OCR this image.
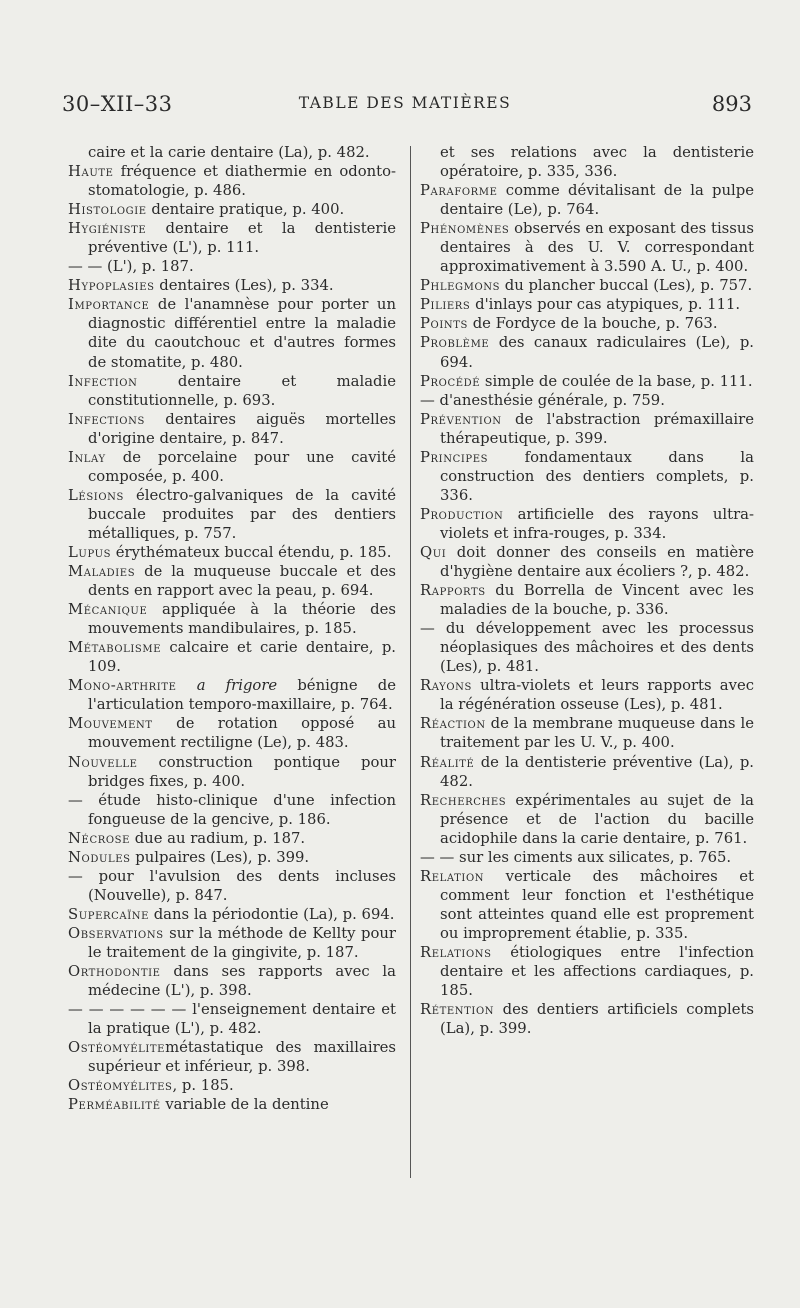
30–XII–33	TABLE DES MATIÈRES	893

caire et la carie dentaire (La), p. 482.

Haute fréquence et diathermie en odonto-stomatologie, p. 486.

Histologie dentaire pratique, p. 400.

Hygiéniste dentaire et la dentisterie préventive (L'), p. 111.

— — (L'), p. 187.

Hypoplasies dentaires (Les), p. 334.

Importance de l'anamnèse pour porter un diagnostic différentiel entre la maladie dite du caoutchouc et d'autres formes de stomatite, p. 480.

Infection dentaire et maladie constitutionnelle, p. 693.

Infections dentaires aiguës mortelles d'origine dentaire, p. 847.

Inlay de porcelaine pour une cavité composée, p. 400.

Lésions électro-galvaniques de la cavité buccale produites par des dentiers métalliques, p. 757.

Lupus érythémateux buccal étendu, p. 185.

Maladies de la muqueuse buccale et des dents en rapport avec la peau, p. 694.

Mécanique appliquée à la théorie des mouvements mandibulaires, p. 185.

Métabolisme calcaire et carie dentaire, p. 109.

Mono-arthrite a frigore bénigne de l'articulation temporo-maxillaire, p. 764.

Mouvement de rotation opposé au mouvement rectiligne (Le), p. 483.

Nouvelle construction pontique pour bridges fixes, p. 400.

— étude histo-clinique d'une infection fongueuse de la gencive, p. 186.

Nécrose due au radium, p. 187.

Nodules pulpaires (Les), p. 399.

— pour l'avulsion des dents incluses (Nouvelle), p. 847.

Supercaïne dans la périodontie (La), p. 694.

Observations sur la méthode de Kellty pour le traitement de la gingivite, p. 187.

Orthodontie dans ses rapports avec la médecine (L'), p. 398.

— — — — — — l'enseignement dentaire et la pratique (L'), p. 482.

Ostéomyélitemétastatique des maxillaires supérieur et inférieur, p. 398.

Ostéomyélites, p. 185.

Perméabilité variable de la dentine

et ses relations avec la dentisterie opératoire, p. 335, 336.

Paraforme comme dévitalisant de la pulpe dentaire (Le), p. 764.

Phénomènes observés en exposant des tissus dentaires à des U. V. correspondant approximativement à 3.590 A. U., p. 400.

Phlegmons du plancher buccal (Les), p. 757.

Piliers d'inlays pour cas atypiques, p. 111.

Points de Fordyce de la bouche, p. 763.

Problème des canaux radiculaires (Le), p. 694.

Procédé simple de coulée de la base, p. 111.

— d'anesthésie générale, p. 759.

Prévention de l'abstraction prémaxillaire thérapeutique, p. 399.

Principes fondamentaux dans la construction des dentiers complets, p. 336.

Production artificielle des rayons ultra-violets et infra-rouges, p. 334.

Qui doit donner des conseils en matière d'hygiène dentaire aux écoliers ?, p. 482.

Rapports du Borrella de Vincent avec les maladies de la bouche, p. 336.

— du développement avec les processus néoplasiques des mâchoires et des dents (Les), p. 481.

Rayons ultra-violets et leurs rapports avec la régénération osseuse (Les), p. 481.

Réaction de la membrane muqueuse dans le traitement par les U. V., p. 400.

Réalité de la dentisterie préventive (La), p. 482.

Recherches expérimentales au sujet de la présence et de l'action du bacille acidophile dans la carie dentaire, p. 761.

— — sur les ciments aux silicates, p. 765.

Relation verticale des mâchoires et comment leur fonction et l'esthétique sont atteintes quand elle est proprement ou improprement établie, p. 335.

Relations étiologiques entre l'infection dentaire et les affections cardiaques, p. 185.

Rétention des dentiers artificiels complets (La), p. 399.
